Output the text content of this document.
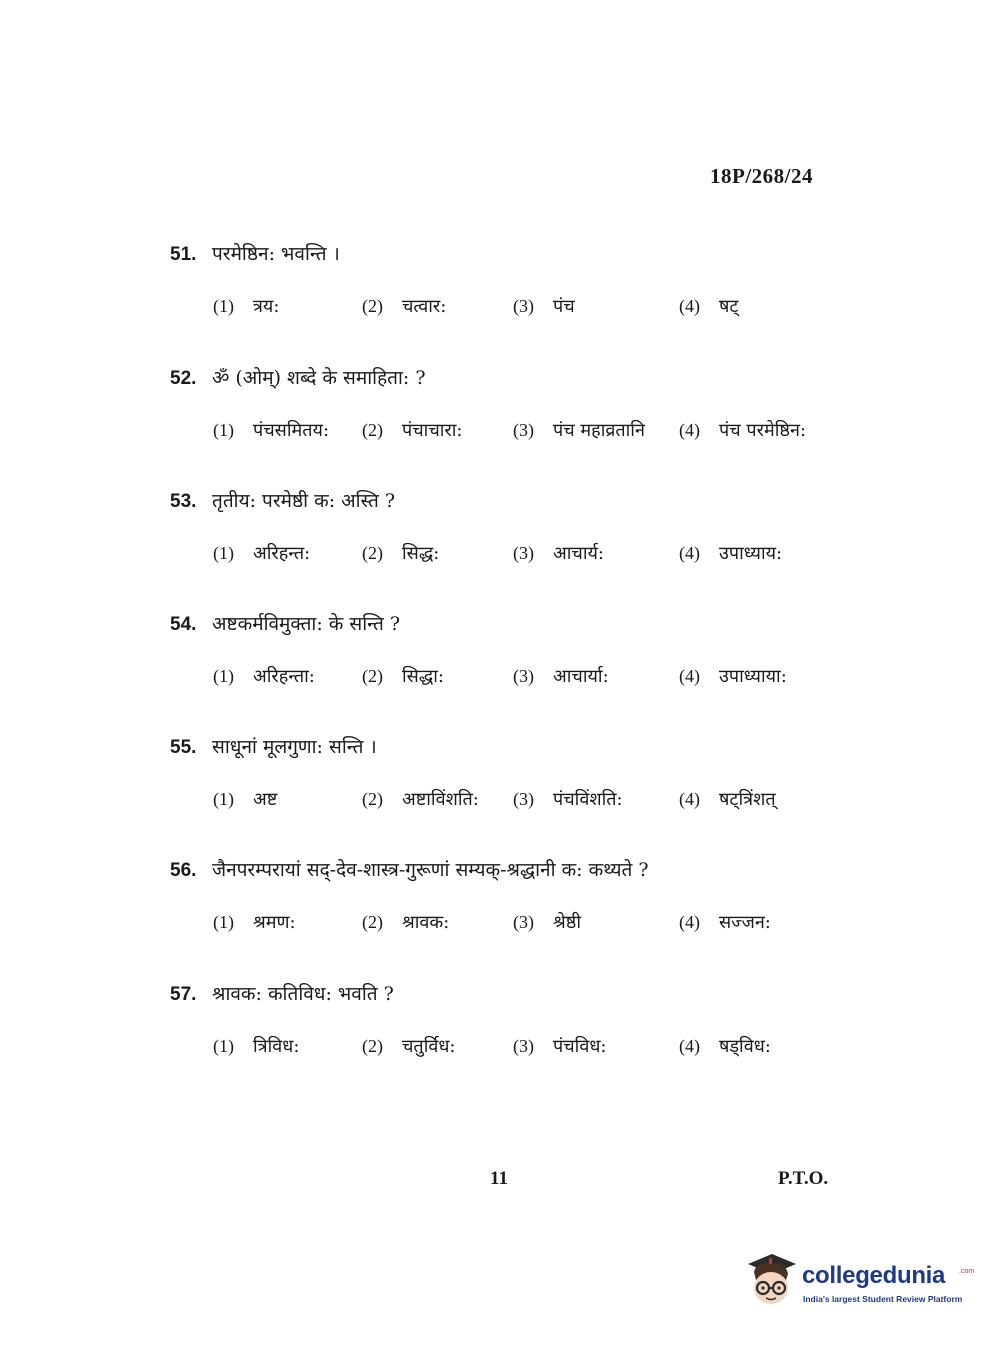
18P/268/24
51. परमेष्ठिन: भवन्ति ।
(1)	त्रय:	(2)	चत्वार:	(3)	पंच	(4)	षट्
52. ॐ (ओम्) शब्दे के समाहिता: ?
(1)	पंचसमितय: (2)	पंचाचारा:	(3)	पंच महाव्रतानि (4)	पंच परमेष्ठिन:
53. तृतीय: परमेष्ठी क: अस्ति ?
(1)	अरिहन्त:	(2)	सिद्ध:	(3)	आचार्य:	(4)	उपाध्याय:
54. अष्टकर्मविमुक्ता: के सन्ति ?
(1)	अरिहन्ता:	(2)	सिद्धा:	(3)	आचार्या:	(4)	उपाध्याया:
55. साधूनां मूलगुणा: सन्ति ।
(1)	अष्ट	(2)	अष्टाविंशति: (3)	पंचविंशति:	(4)	षट्त्रिंशत्
56. जैनपरम्परायां सद्-देव-शास्त्र-गुरूणां सम्यक्-श्रद्धानी क: कथ्यते ?
(1)	श्रमण:	(2)	श्रावक:	(3)	श्रेष्ठी	(4)	सज्जन:
57. श्रावक: कतिविध: भवति ?
(1)	त्रिविध:	(2)	चतुर्विध:	(3)	पंचविध:	(4)	षड्विध:
11	P.T.O.
collegedunia .com
India's largest Student Review Platform
